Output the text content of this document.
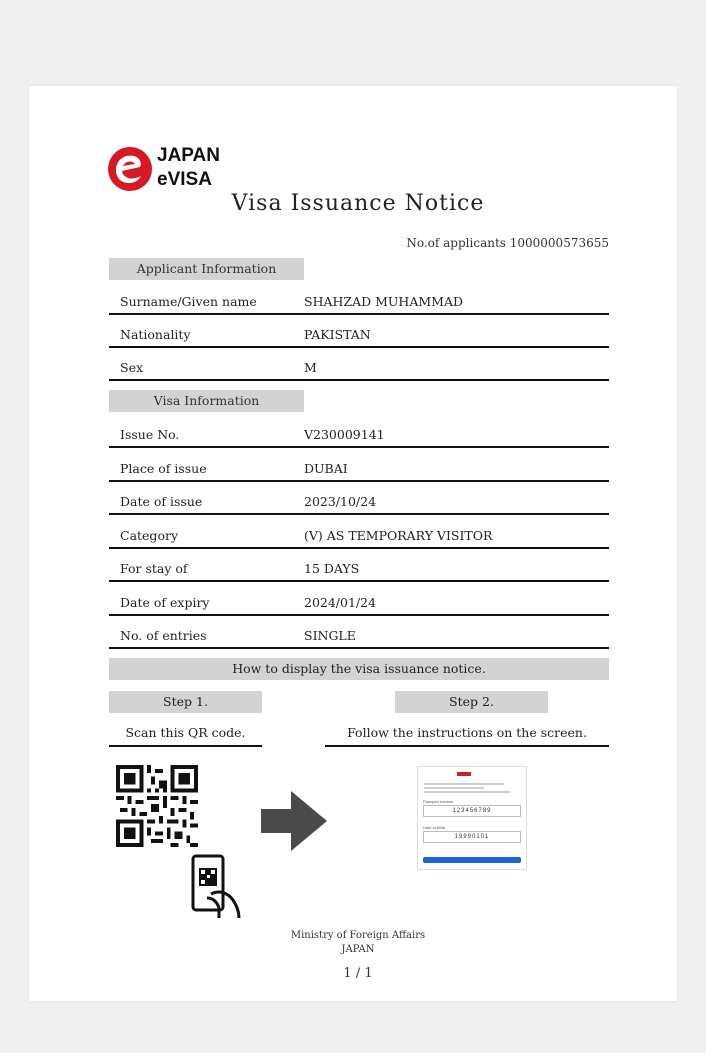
JAPAN
eVISA
Visa Issuance Notice
No.of applicants 1000000573655
Applicant Information
Surname/Given name	SHAHZAD MUHAMMAD
Nationality	PAKISTAN
Sex	M
Visa Information
Issue No.	V230009141
Place of issue	DUBAI
Date of issue	2023/10/24
Category	(V) AS TEMPORARY VISITOR
For stay of	15 DAYS
Date of expiry	2024/01/24
No. of entries	SINGLE
How to display the visa issuance notice.
Step 1.	Step 2.
Scan this QR code.	Follow the instructions on the screen.
Passport number
123456789
Date of Birth
19990101
Ministry of Foreign Affairs
JAPAN
1 / 1
